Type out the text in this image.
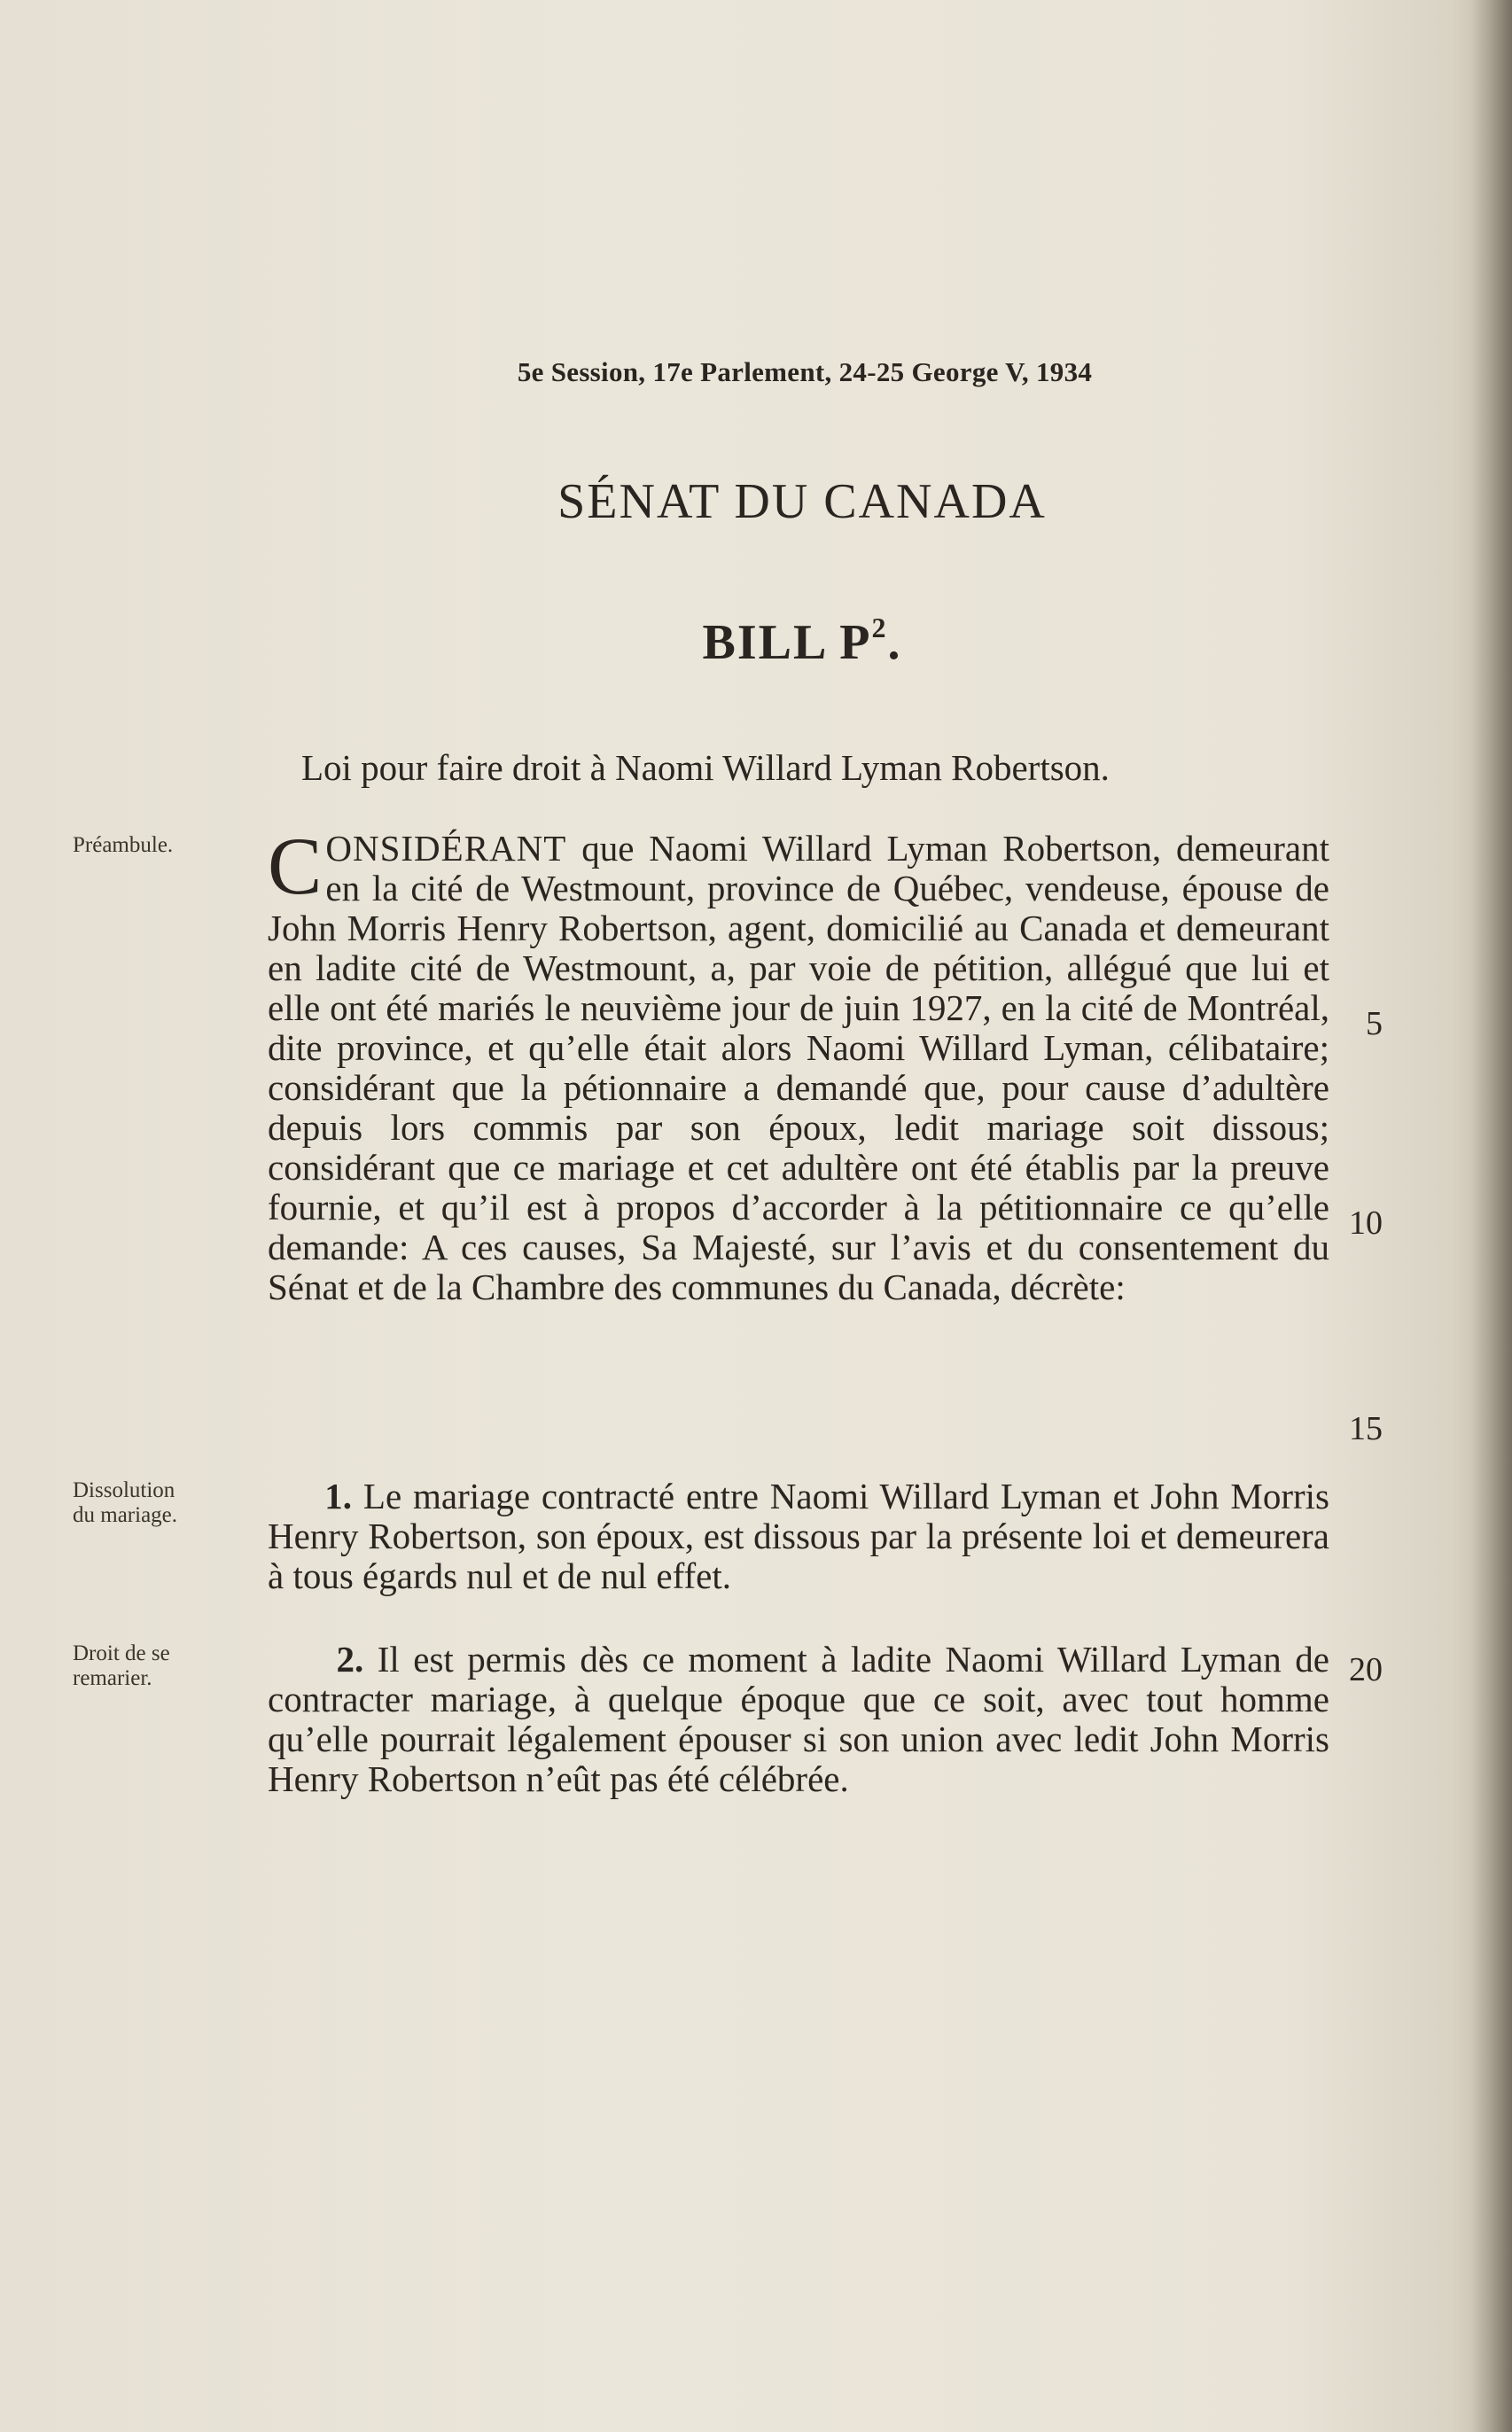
5e Session, 17e Parlement, 24-25 George V, 1934
SÉNAT DU CANADA
BILL $P^2$.
Loi pour faire droit à Naomi Willard Lyman Robertson.
Préambule.
Dissolution
du mariage.
Droit de se
remarier.
CONSIDÉRANT que Naomi Willard Lyman Robertson, demeurant en la cité de Westmount, province de Québec, vendeuse, épouse de John Morris Henry Robertson, agent, domicilié au Canada et demeurant en ladite cité de Westmount, a, par voie de pétition, allégué que lui et elle ont été mariés le neuvième jour de juin 1927, en la cité de Montréal, dite province, et qu’elle était alors Naomi Willard Lyman, célibataire; considérant que la pétionnaire a demandé que, pour cause d’adultère depuis lors commis par son époux, ledit mariage soit dissous; considérant que ce mariage et cet adultère ont été établis par la preuve fournie, et qu’il est à propos d’accorder à la pétitionnaire ce qu’elle demande: A ces causes, Sa Majesté, sur l’avis et du consentement du Sénat et de la Chambre des communes du Canada, décrète:
1. Le mariage contracté entre Naomi Willard Lyman et John Morris Henry Robertson, son époux, est dissous par la présente loi et demeurera à tous égards nul et de nul effet.
2. Il est permis dès ce moment à ladite Naomi Willard Lyman de contracter mariage, à quelque époque que ce soit, avec tout homme qu’elle pourrait légalement épouser si son union avec ledit John Morris Henry Robertson n’eût pas été célébrée.
5
10
15
20
